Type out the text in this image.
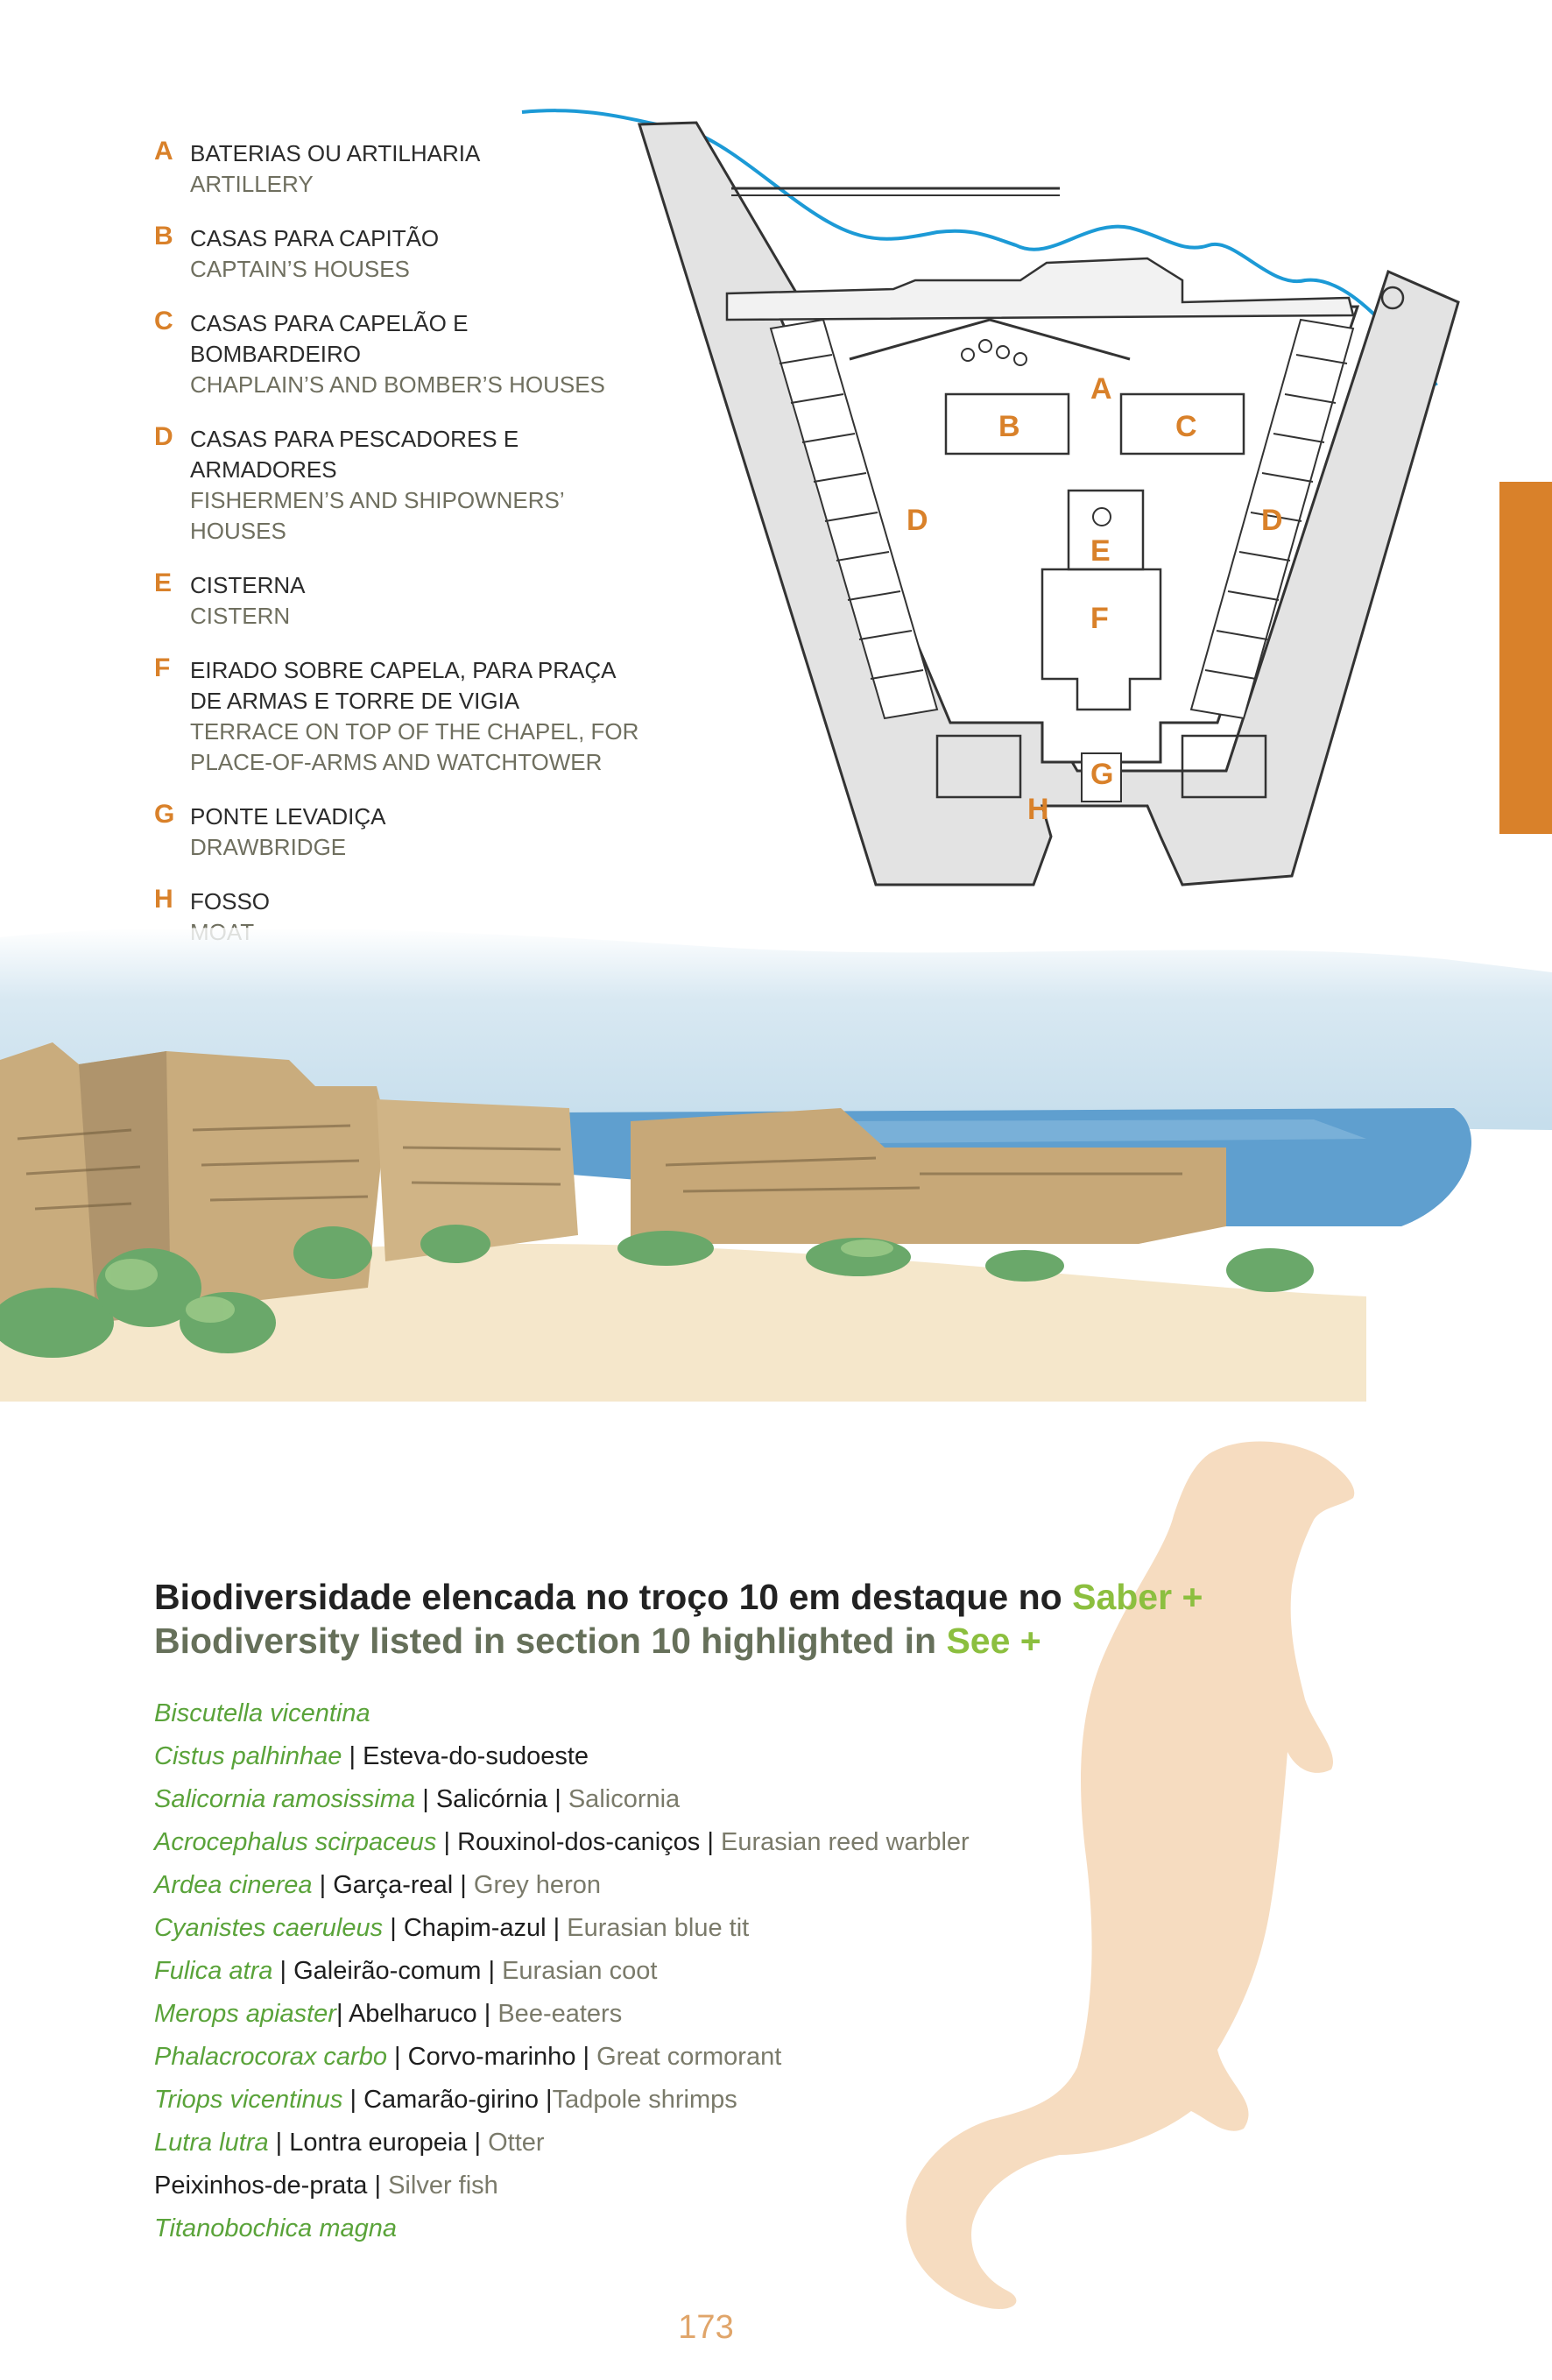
A BATERIAS OU ARTILHARIA
ARTILLERY
B CASAS PARA CAPITÃO
CAPTAIN’S HOUSES
C CASAS PARA CAPELÃO E BOMBARDEIRO
CHAPLAIN’S AND BOMBER’S HOUSES
D CASAS PARA PESCADORES E ARMADORES
FISHERMEN’S AND SHIPOWNERS’ HOUSES
E CISTERNA
CISTERN
F EIRADO SOBRE CAPELA, PARA PRAÇA DE ARMAS E TORRE DE VIGIA
TERRACE ON TOP OF THE CHAPEL, FOR PLACE-OF-ARMS AND WATCHTOWER
G PONTE LEVADIÇA
DRAWBRIDGE
H FOSSO
A
B	C
D	D
E
F
G
H
Biodiversidade elencada no troço 10 em destaque no Saber +
Biodiversity listed in section 10 highlighted in See +
Biscutella vicentina
Cistus palhinhae | Esteva-do-sudoeste
Salicornia ramosissima | Salicórnia | Salicornia
Acrocephalus scirpaceus | Rouxinol-dos-caniços | Eurasian reed warbler
Ardea cinerea | Garça-real | Grey heron
Cyanistes caeruleus | Chapim-azul | Eurasian blue tit
Fulica atra | Galeirão-comum | Eurasian coot
Merops apiaster| Abelharuco | Bee-eaters
Phalacrocorax carbo | Corvo-marinho | Great cormorant
Triops vicentinus | Camarão-girino |Tadpole shrimps
Lutra lutra | Lontra europeia | Otter
Peixinhos-de-prata | Silver fish
Titanobochica magna
173
